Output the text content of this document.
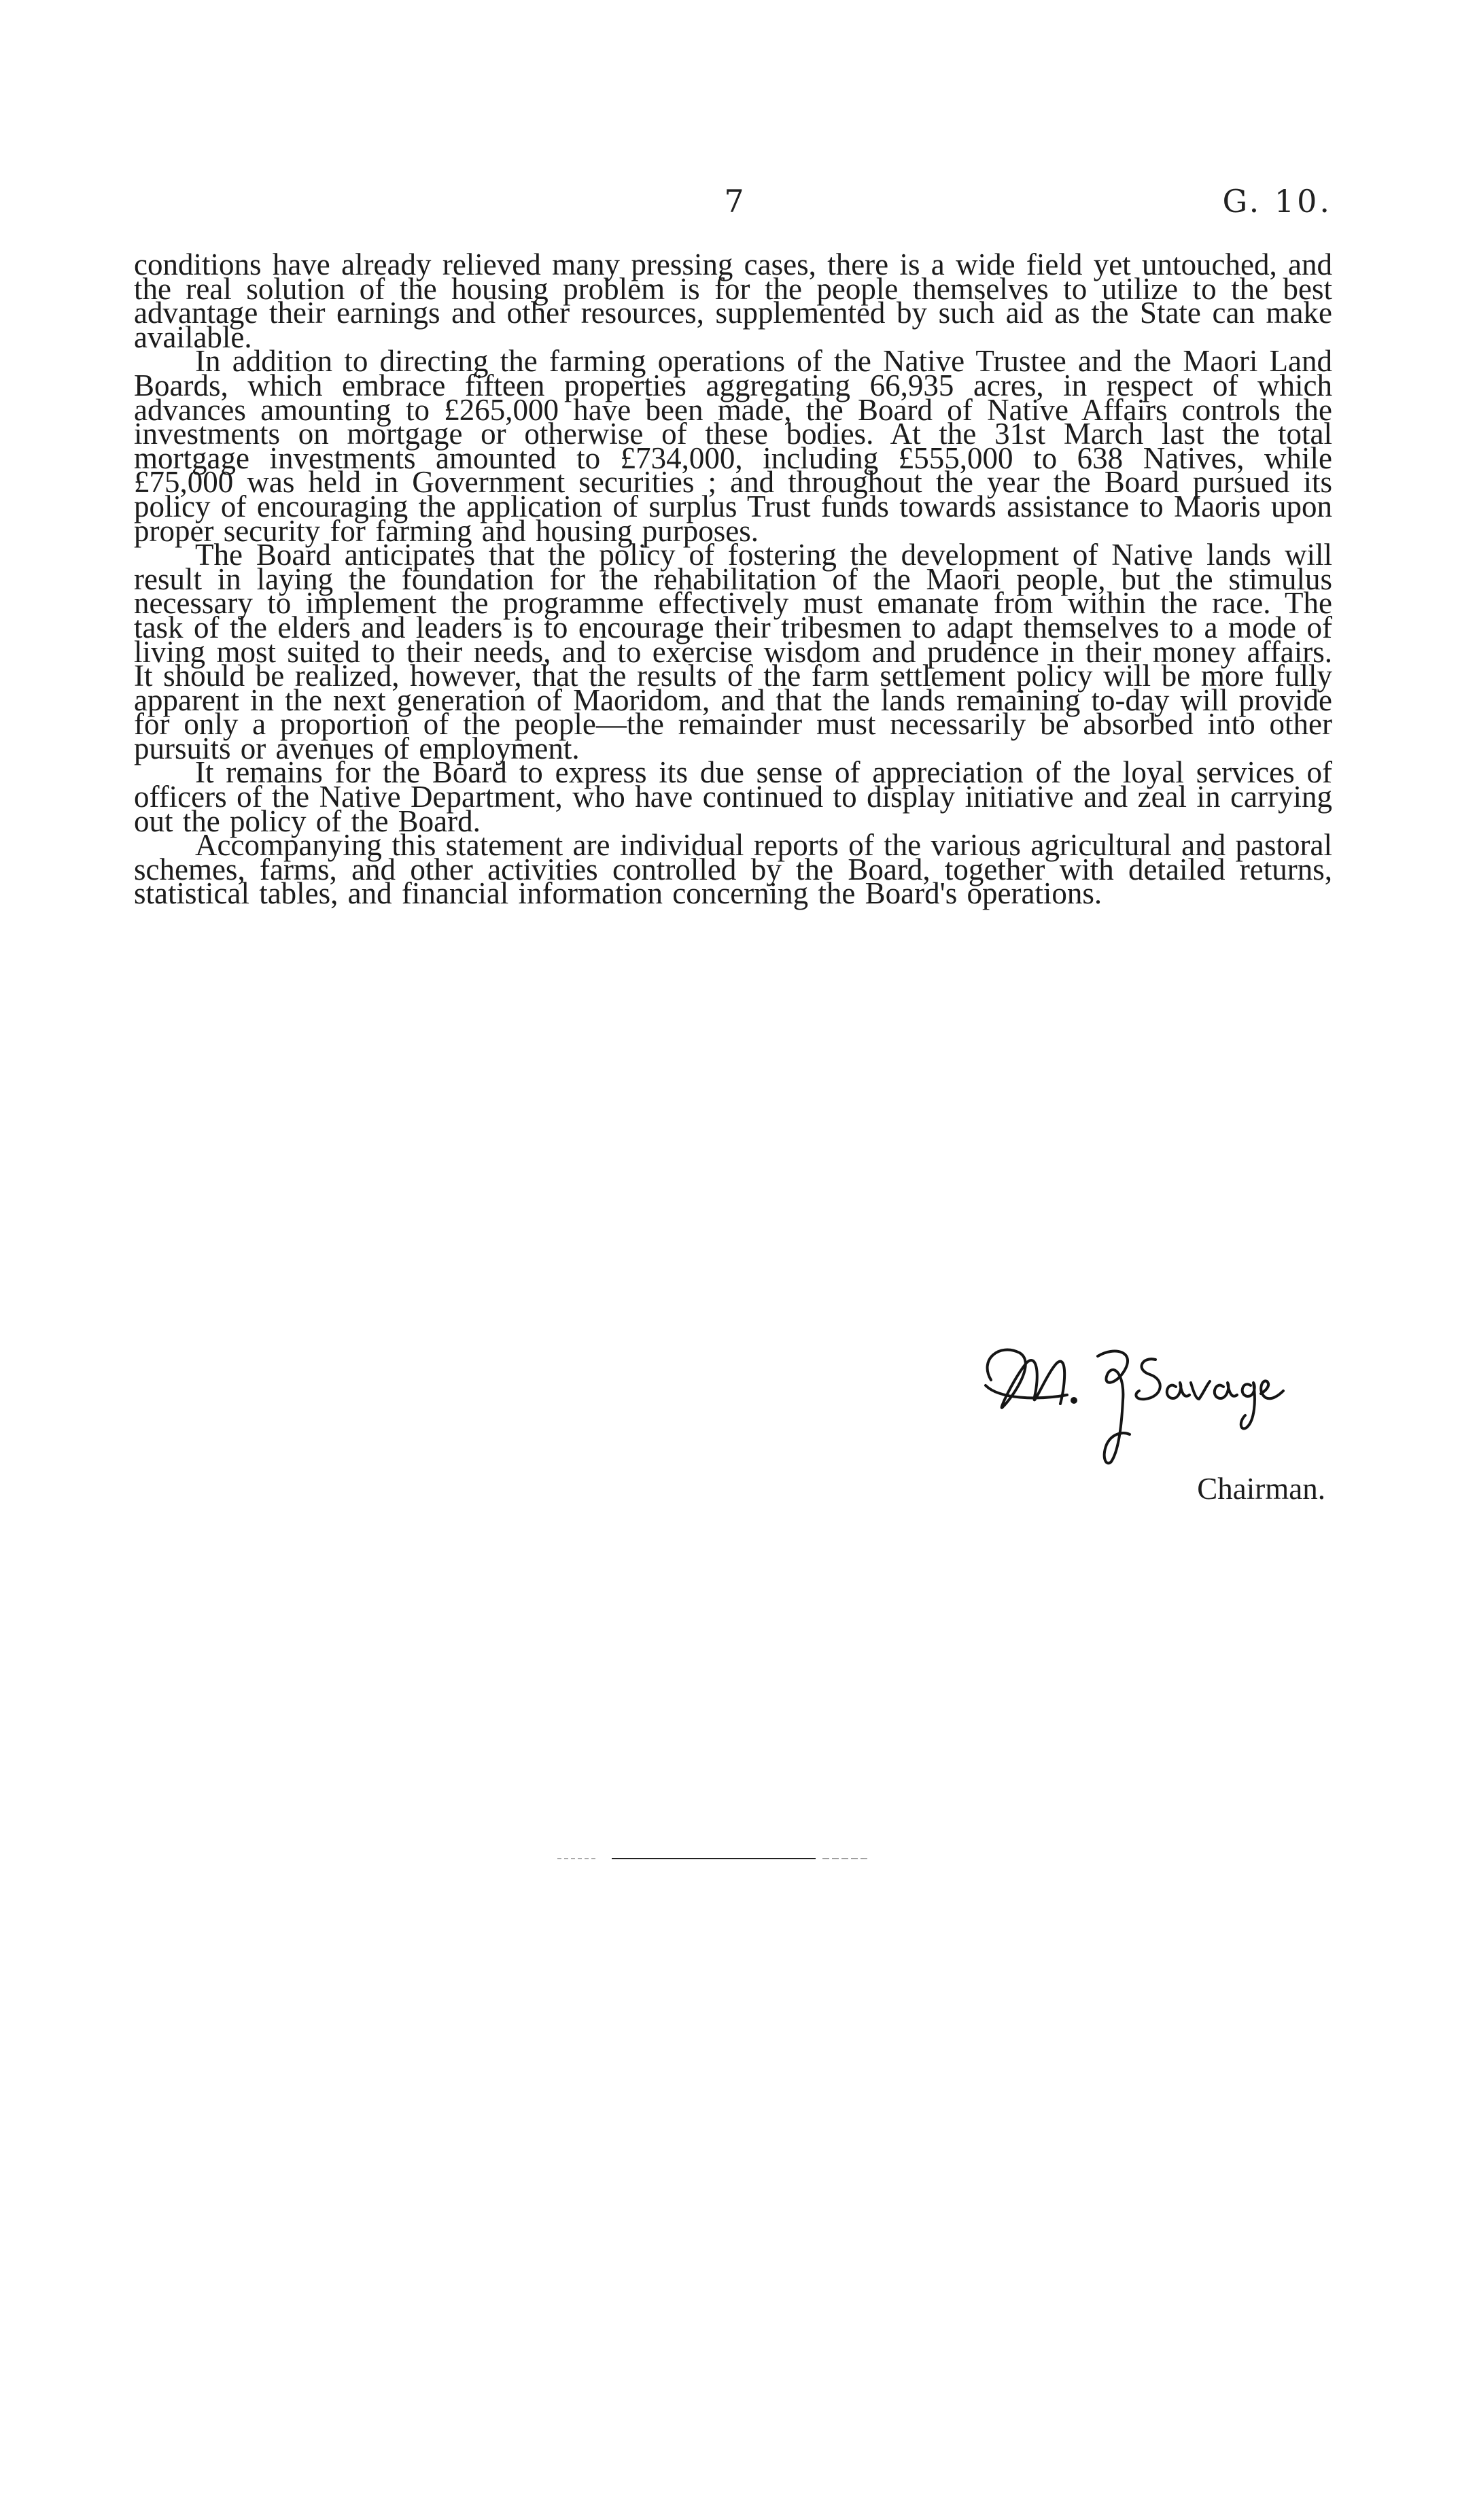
7	G. 10.

conditions have already relieved many pressing cases, there is a wide field yet untouched, and the real solution of the housing problem is for the people themselves to utilize to the best advantage their earnings and other resources, supplemented by such aid as the State can make available.

In addition to directing the farming operations of the Native Trustee and the Maori Land Boards, which embrace fifteen properties aggregating 66,935 acres, in respect of which advances amounting to £265,000 have been made, the Board of Native Affairs controls the investments on mortgage or otherwise of these bodies. At the 31st March last the total mortgage investments amounted to £734,000, including £555,000 to 638 Natives, while £75,000 was held in Government securities ; and throughout the year the Board pursued its policy of encouraging the application of surplus Trust funds towards assistance to Maoris upon proper security for farming and housing purposes.

The Board anticipates that the policy of fostering the development of Native lands will result in laying the foundation for the rehabilitation of the Maori people, but the stimulus necessary to implement the programme effectively must emanate from within the race. The task of the elders and leaders is to encourage their tribesmen to adapt themselves to a mode of living most suited to their needs, and to exercise wisdom and prudence in their money affairs. It should be realized, however, that the results of the farm settlement policy will be more fully apparent in the next generation of Maoridom, and that the lands remaining to-day will provide for only a proportion of the people—the remainder must necessarily be absorbed into other pursuits or avenues of employment.

It remains for the Board to express its due sense of appreciation of the loyal services of officers of the Native Department, who have continued to display initiative and zeal in carrying out the policy of the Board.

Accompanying this statement are individual reports of the various agricultural and pastoral schemes, farms, and other activities controlled by the Board, together with detailed returns, statistical tables, and financial information concerning the Board's operations.

Chairman.
